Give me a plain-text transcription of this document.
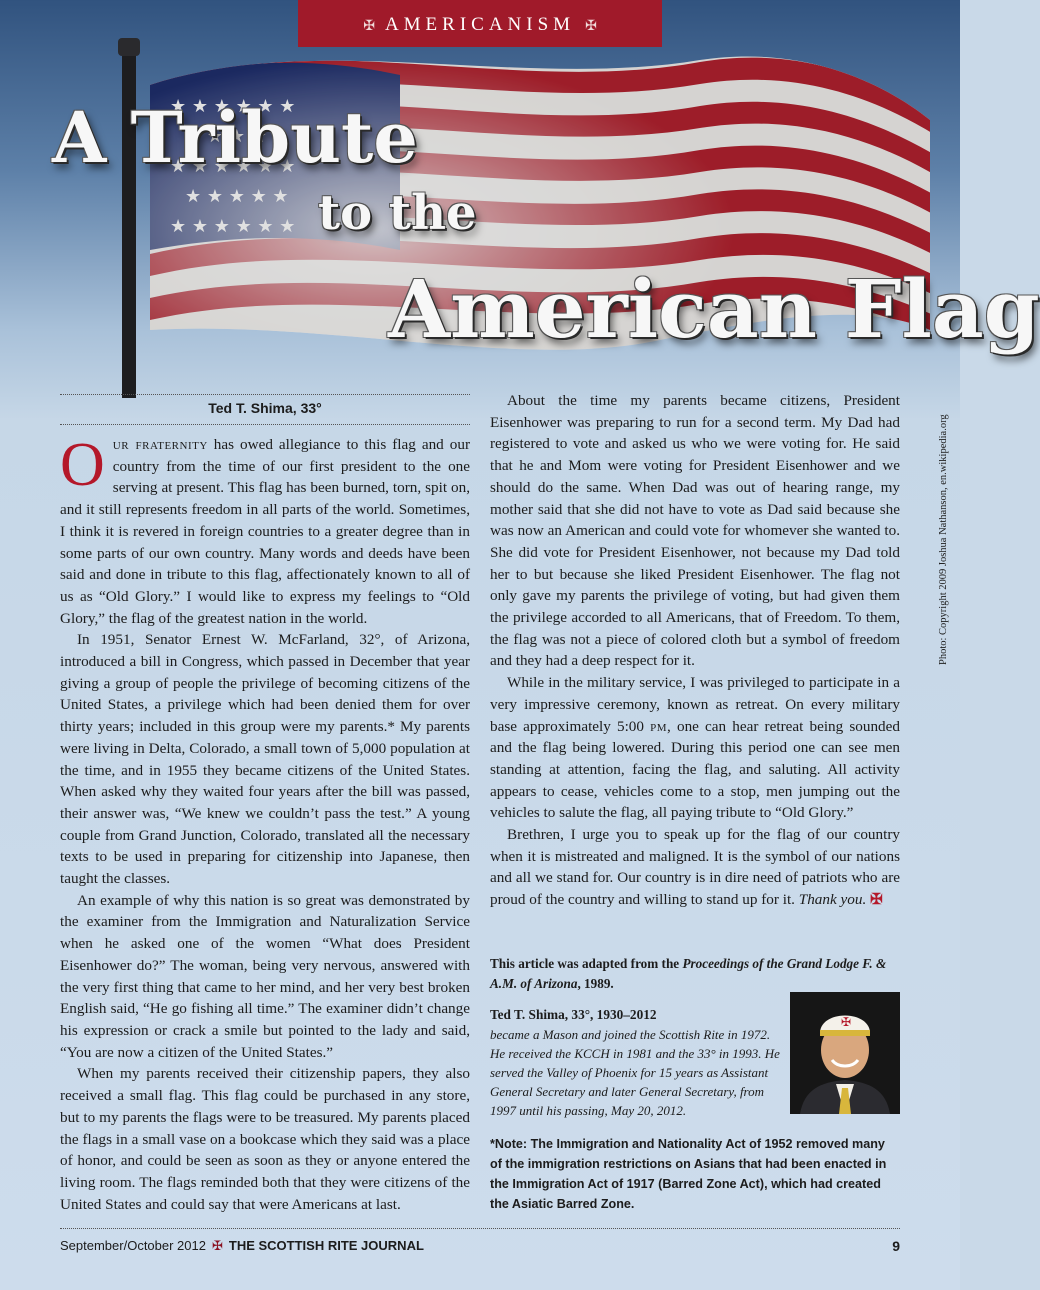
✠ AMERICANISM ✠
A Tribute
to the
American Flag
Photo: Copyright 2009 Joshua Nathanson, en.wikipedia.org
Ted T. Shima, 33°

Our fraternity has owed allegiance to this flag and our country from the time of our first president to the one serving at present. This flag has been burned, torn, spit on, and it still represents freedom in all parts of the world. Sometimes, I think it is revered in foreign countries to a greater degree than in some parts of our own country. Many words and deeds have been said and done in tribute to this flag, affectionately known to all of us as “Old Glory.” I would like to express my feelings to “Old Glory,” the flag of the greatest nation in the world.

In 1951, Senator Ernest W. McFarland, 32°, of Arizona, introduced a bill in Congress, which passed in December that year giving a group of people the privilege of becoming citizens of the United States, a privilege which had been denied them for over thirty years; included in this group were my parents.* My parents were living in Delta, Colorado, a small town of 5,000 population at the time, and in 1955 they became citizens of the United States. When asked why they waited four years after the bill was passed, their answer was, “We knew we couldn’t pass the test.” A young couple from Grand Junction, Colorado, translated all the necessary texts to be used in preparing for citizenship into Japanese, then taught the classes.

An example of why this nation is so great was demonstrated by the examiner from the Immigration and Naturalization Service when he asked one of the women “What does President Eisenhower do?” The woman, being very nervous, answered with the very first thing that came to her mind, and her very best broken English said, “He go fishing all time.” The examiner didn’t change his expression or crack a smile but pointed to the lady and said, “You are now a citizen of the United States.”

When my parents received their citizenship papers, they also received a small flag. This flag could be purchased in any store, but to my parents the flags were to be treasured. My parents placed the flags in a small vase on a bookcase which they said was a place of honor, and could be seen as soon as they or anyone entered the living room. The flags reminded both that they were citizens of the United States and could say that were Americans at last.

About the time my parents became citizens, President Eisenhower was preparing to run for a second term. My Dad had registered to vote and asked us who we were voting for. He said that he and Mom were voting for President Eisenhower and we should do the same. When Dad was out of hearing range, my mother said that she did not have to vote as Dad said because she was now an American and could vote for whomever she wanted to. She did vote for President Eisenhower, not because my Dad told her to but because she liked President Eisenhower. The flag not only gave my parents the privilege of voting, but had given them the privilege accorded to all Americans, that of Freedom. To them, the flag was not a piece of colored cloth but a symbol of freedom and they had a deep respect for it.

While in the military service, I was privileged to participate in a very impressive ceremony, known as retreat. On every military base approximately 5:00 pm, one can hear retreat being sounded and the flag being lowered. During this period one can see men standing at attention, facing the flag, and saluting. All activity appears to cease, vehicles come to a stop, men jumping out the vehicles to salute the flag, all paying tribute to “Old Glory.”

Brethren, I urge you to speak up for the flag of our country when it is mistreated and maligned. It is the symbol of our nations and all we stand for. Our country is in dire need of patriots who are proud of the country and willing to stand up for it. Thank you. ✠

This article was adapted from the Proceedings of the Grand Lodge F. & A.M. of Arizona, 1989.
Ted T. Shima, 33°, 1930–2012
became a Mason and joined the Scottish Rite in 1972. He received the KCCH in 1981 and the 33° in 1993. He served the Valley of Phoenix for 15 years as Assistant General Secretary and later General Secretary, from 1997 until his passing, May 20, 2012.
✠
*Note: The Immigration and Nationality Act of 1952 removed many of the immigration restrictions on Asians that had been enacted in the Immigration Act of 1917 (Barred Zone Act), which had created the Asiatic Barred Zone.
September/October 2012 ✠ THE SCOTTISH RITE JOURNAL	9
